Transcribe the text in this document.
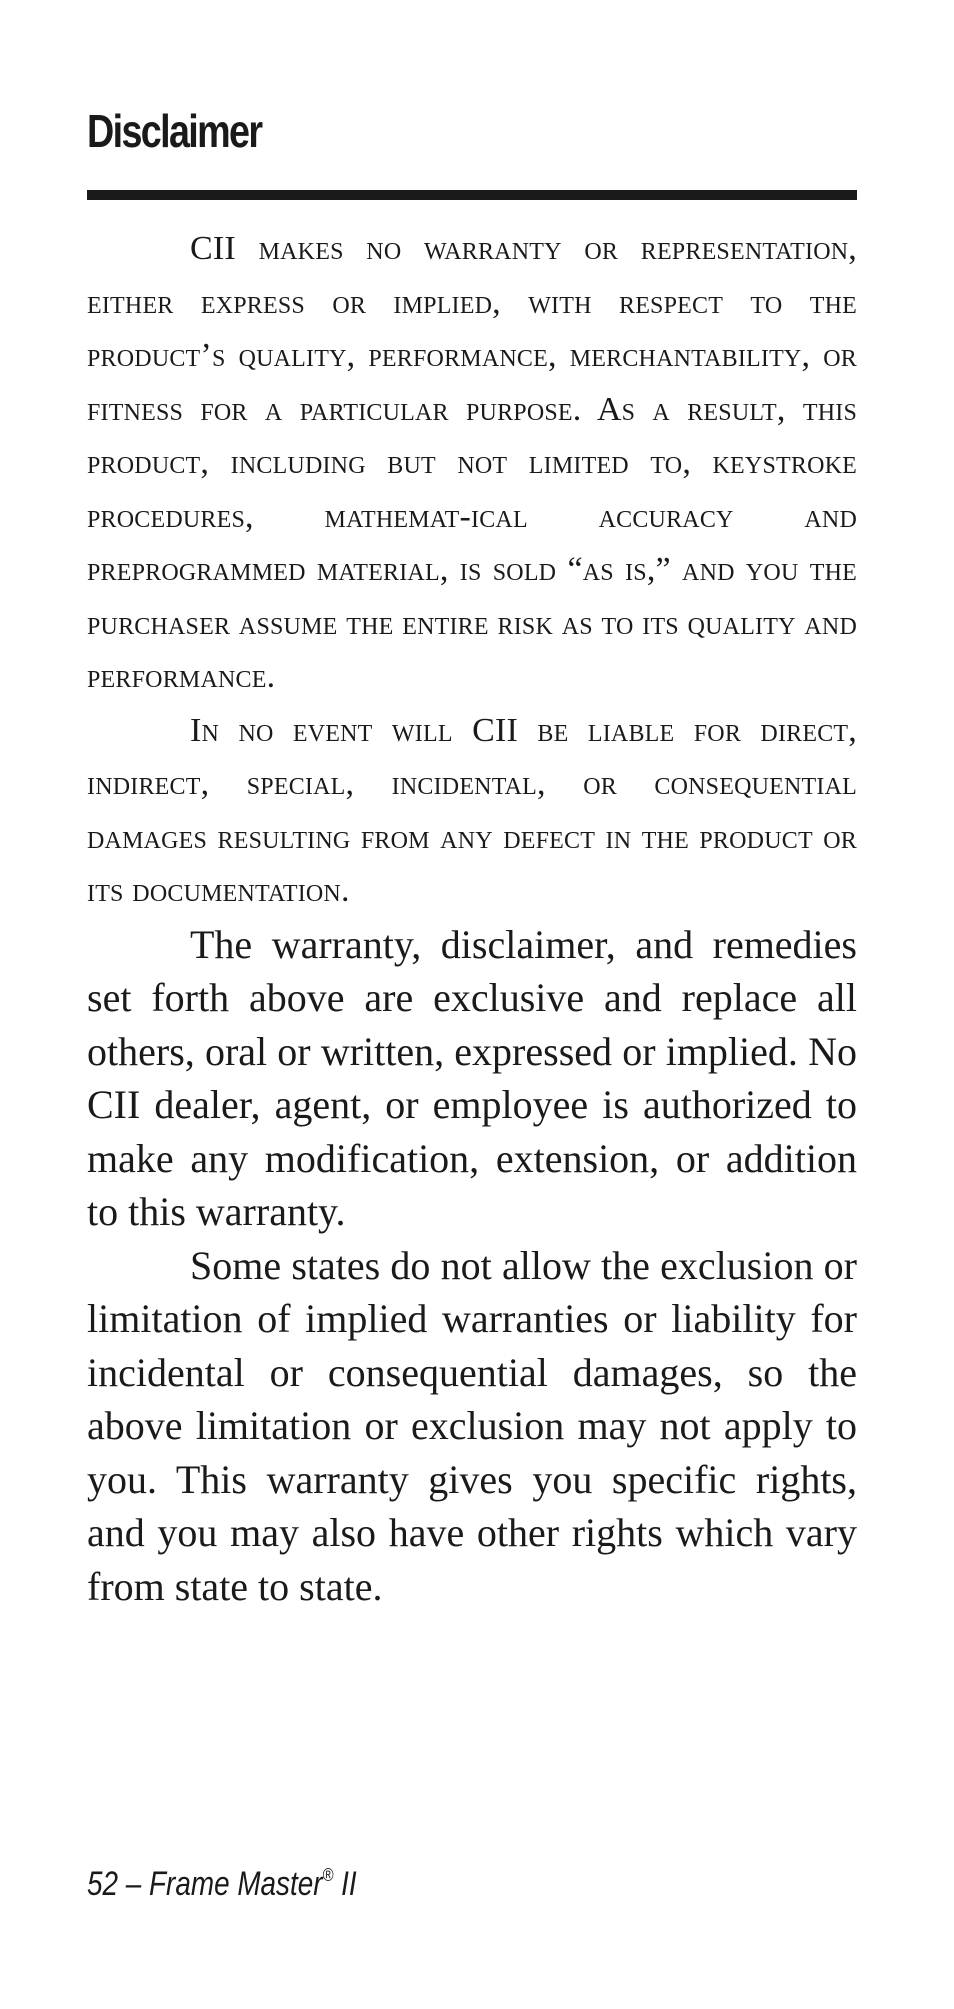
Disclaimer

CII makes no warranty or representation, either express or implied, with respect to the product’s quality, performance, merchantability, or fitness for a particular purpose. As a result, this product, including but not limited to, keystroke procedures, mathemat-ical accuracy and preprogrammed material, is sold “as is,” and you the purchaser assume the entire risk as to its quality and performance.

In no event will CII be liable for direct, indirect, special, incidental, or consequential damages resulting from any defect in the product or its documentation.

The warranty, disclaimer, and remedies set forth above are exclusive and replace all others, oral or written, expressed or implied. No CII dealer, agent, or employee is authorized to make any modification, extension, or addition to this warranty.

Some states do not allow the exclusion or limitation of implied warranties or liability for incidental or consequential damages, so the above limitation or exclusion may not apply to you. This warranty gives you specific rights, and you may also have other rights which vary from state to state.

52 – Frame Master® II
